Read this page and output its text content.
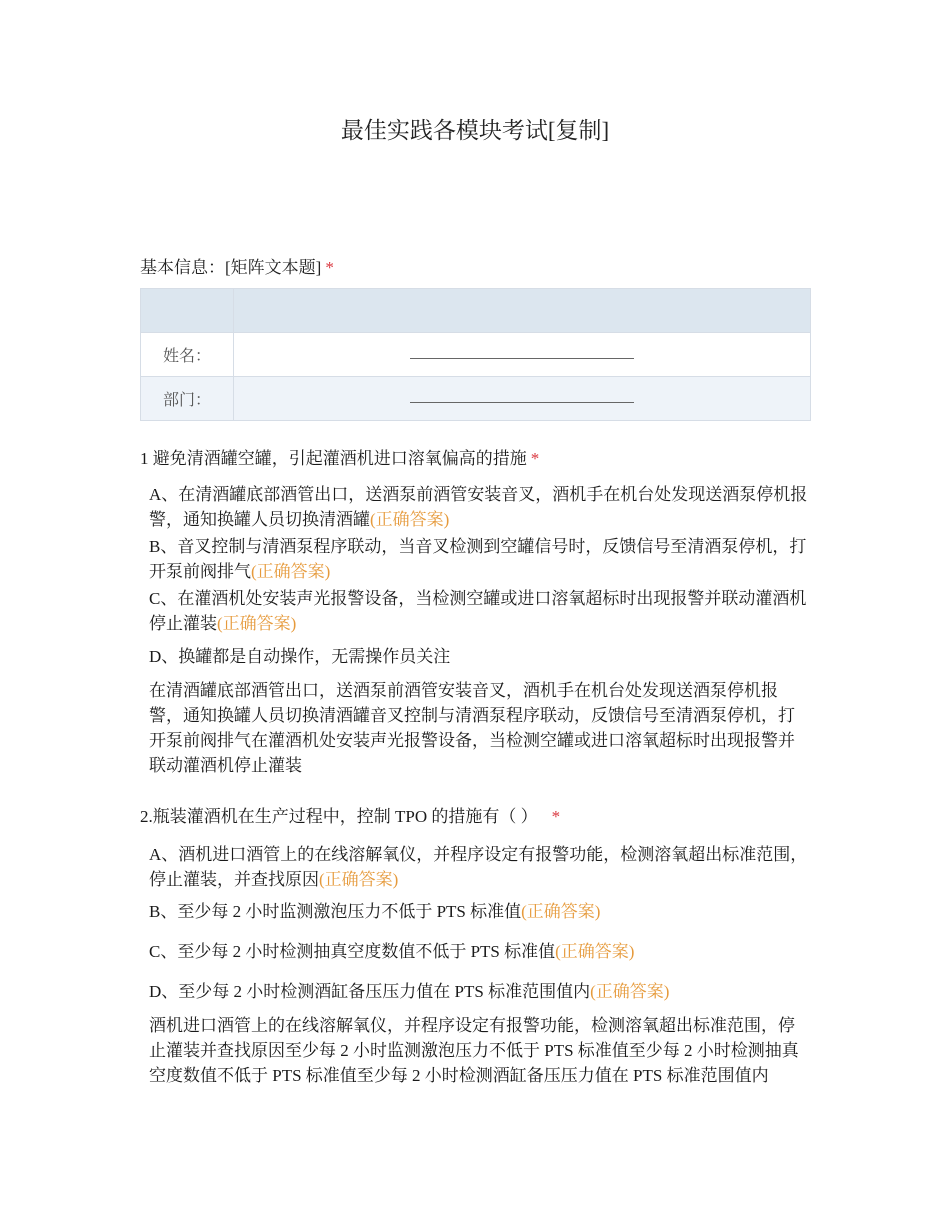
最佳实践各模块考试[复制]
基本信息：[矩阵文本题] *

姓名：	
部门：	
1 避免清酒罐空罐，引起灌酒机进口溶氧偏高的措施 *
A、在清酒罐底部酒管出口，送酒泵前酒管安装音叉，酒机手在机台处发现送酒泵停机报警，通知换罐人员切换清酒罐(正确答案)
B、音叉控制与清酒泵程序联动，当音叉检测到空罐信号时，反馈信号至清酒泵停机，打开泵前阀排气(正确答案)
C、在灌酒机处安装声光报警设备，当检测空罐或进口溶氧超标时出现报警并联动灌酒机停止灌装(正确答案)
D、换罐都是自动操作，无需操作员关注
在清酒罐底部酒管出口，送酒泵前酒管安装音叉，酒机手在机台处发现送酒泵停机报警，通知换罐人员切换清酒罐音叉控制与清酒泵程序联动，反馈信号至清酒泵停机，打开泵前阀排气在灌酒机处安装声光报警设备，当检测空罐或进口溶氧超标时出现报警并联动灌酒机停止灌装
2.瓶装灌酒机在生产过程中，控制 TPO 的措施有（ ） *
A、酒机进口酒管上的在线溶解氧仪，并程序设定有报警功能，检测溶氧超出标准范围，停止灌装，并查找原因(正确答案)
B、至少每 2 小时监测激泡压力不低于 PTS 标准值(正确答案)
C、至少每 2 小时检测抽真空度数值不低于 PTS 标准值(正确答案)
D、至少每 2 小时检测酒缸备压压力值在 PTS 标准范围值内(正确答案)
酒机进口酒管上的在线溶解氧仪，并程序设定有报警功能，检测溶氧超出标准范围，停止灌装并查找原因至少每 2 小时监测激泡压力不低于 PTS 标准值至少每 2 小时检测抽真空度数值不低于 PTS 标准值至少每 2 小时检测酒缸备压压力值在 PTS 标准范围值内
